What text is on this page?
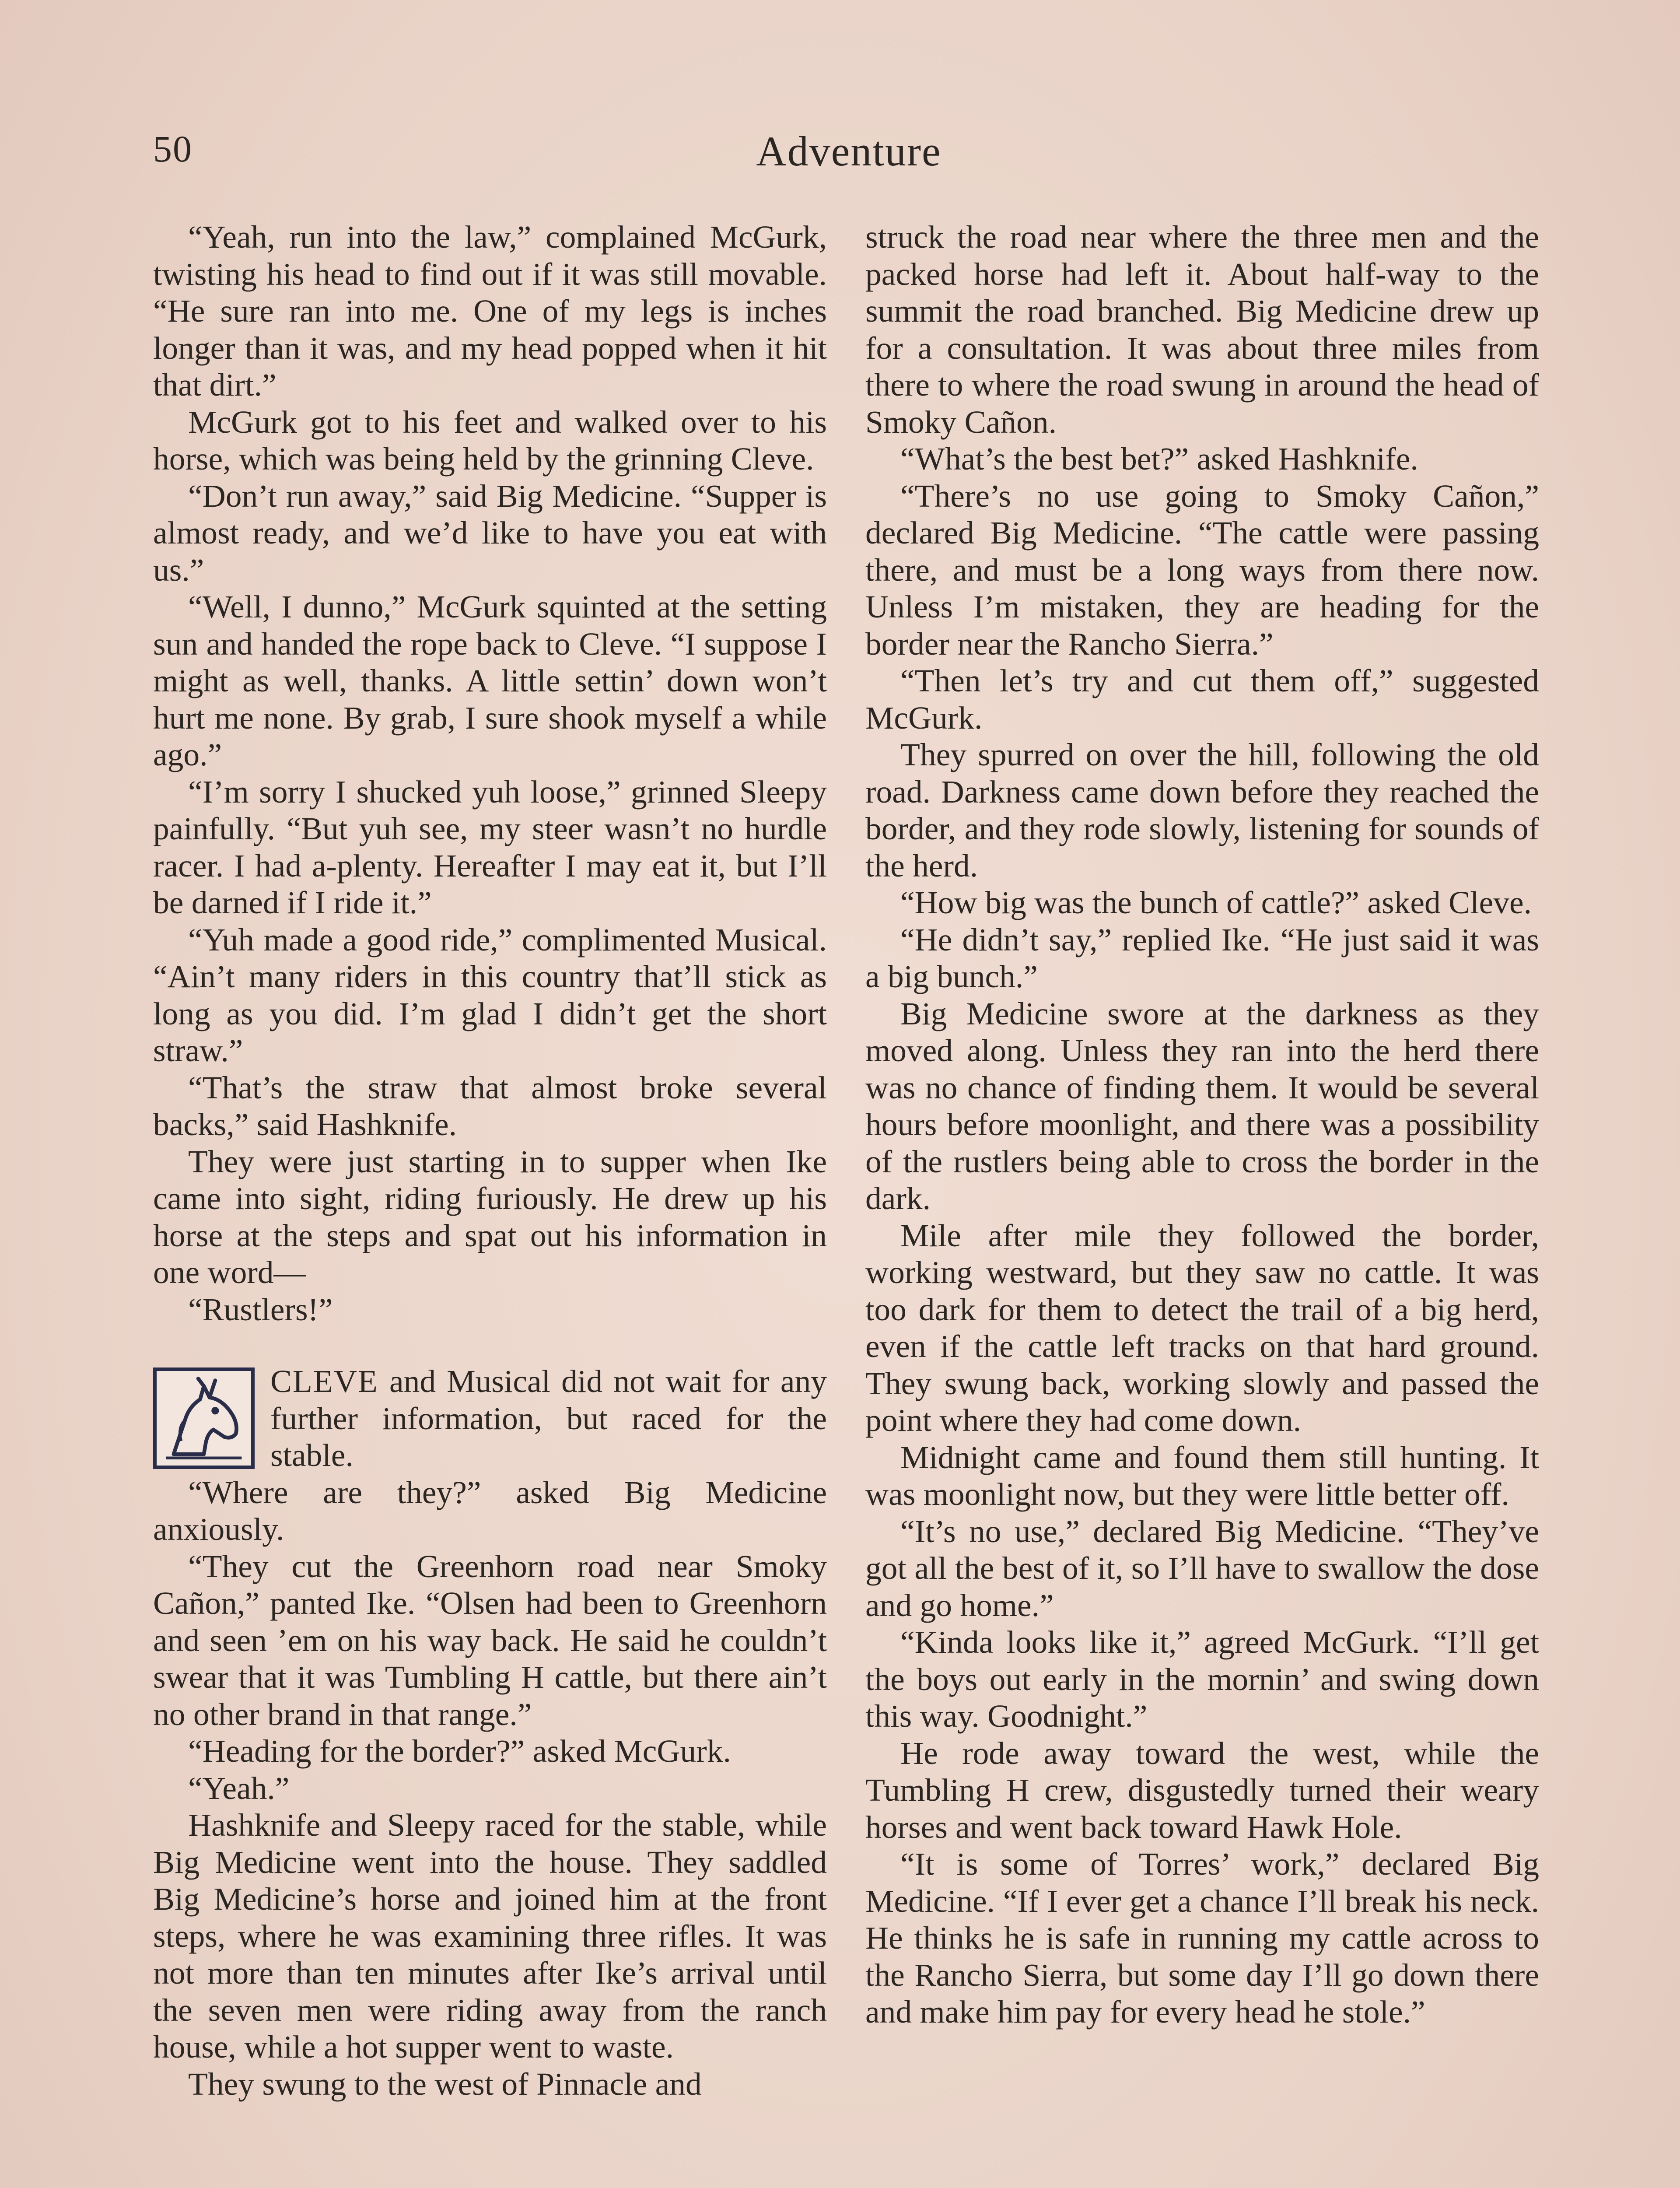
50	Adventure

“Yeah, run into the law,” complained McGurk, twisting his head to find out if it was still movable. “He sure ran into me. One of my legs is inches longer than it was, and my head popped when it hit that dirt.”

McGurk got to his feet and walked over to his horse, which was being held by the grinning Cleve.

“Don’t run away,” said Big Medicine. “Supper is almost ready, and we’d like to have you eat with us.”

“Well, I dunno,” McGurk squinted at the setting sun and handed the rope back to Cleve. “I suppose I might as well, thanks. A little settin’ down won’t hurt me none. By grab, I sure shook myself a while ago.”

“I’m sorry I shucked yuh loose,” grinned Sleepy painfully. “But yuh see, my steer wasn’t no hurdle racer. I had a-plenty. Hereafter I may eat it, but I’ll be darned if I ride it.”

“Yuh made a good ride,” complimented Musical. “Ain’t many riders in this country that’ll stick as long as you did. I’m glad I didn’t get the short straw.”

“That’s the straw that almost broke several backs,” said Hashknife.

They were just starting in to supper when Ike came into sight, riding furiously. He drew up his horse at the steps and spat out his information in one word—

“Rustlers!”

CLEVE and Musical did not wait for any further information, but raced for the stable.

“Where are they?” asked Big Medicine anxiously.

“They cut the Greenhorn road near Smoky Cañon,” panted Ike. “Olsen had been to Greenhorn and seen ’em on his way back. He said he couldn’t swear that it was Tumbling H cattle, but there ain’t no other brand in that range.”

“Heading for the border?” asked McGurk.

“Yeah.”

Hashknife and Sleepy raced for the stable, while Big Medicine went into the house. They saddled Big Medicine’s horse and joined him at the front steps, where he was examining three rifles. It was not more than ten minutes after Ike’s arrival until the seven men were riding away from the ranch house, while a hot supper went to waste.

They swung to the west of Pinnacle and

struck the road near where the three men and the packed horse had left it. About half-way to the summit the road branched. Big Medicine drew up for a consultation. It was about three miles from there to where the road swung in around the head of Smoky Cañon.

“What’s the best bet?” asked Hashknife.

“There’s no use going to Smoky Cañon,” declared Big Medicine. “The cattle were passing there, and must be a long ways from there now. Unless I’m mistaken, they are heading for the border near the Rancho Sierra.”

“Then let’s try and cut them off,” suggested McGurk.

They spurred on over the hill, following the old road. Darkness came down before they reached the border, and they rode slowly, listening for sounds of the herd.

“How big was the bunch of cattle?” asked Cleve.

“He didn’t say,” replied Ike. “He just said it was a big bunch.”

Big Medicine swore at the darkness as they moved along. Unless they ran into the herd there was no chance of finding them. It would be several hours before moonlight, and there was a possibility of the rustlers being able to cross the border in the dark.

Mile after mile they followed the border, working westward, but they saw no cattle. It was too dark for them to detect the trail of a big herd, even if the cattle left tracks on that hard ground. They swung back, working slowly and passed the point where they had come down.

Midnight came and found them still hunting. It was moonlight now, but they were little better off.

“It’s no use,” declared Big Medicine. “They’ve got all the best of it, so I’ll have to swallow the dose and go home.”

“Kinda looks like it,” agreed McGurk. “I’ll get the boys out early in the mornin’ and swing down this way. Goodnight.”

He rode away toward the west, while the Tumbling H crew, disgustedly turned their weary horses and went back toward Hawk Hole.

“It is some of Torres’ work,” declared Big Medicine. “If I ever get a chance I’ll break his neck. He thinks he is safe in running my cattle across to the Rancho Sierra, but some day I’ll go down there and make him pay for every head he stole.”
